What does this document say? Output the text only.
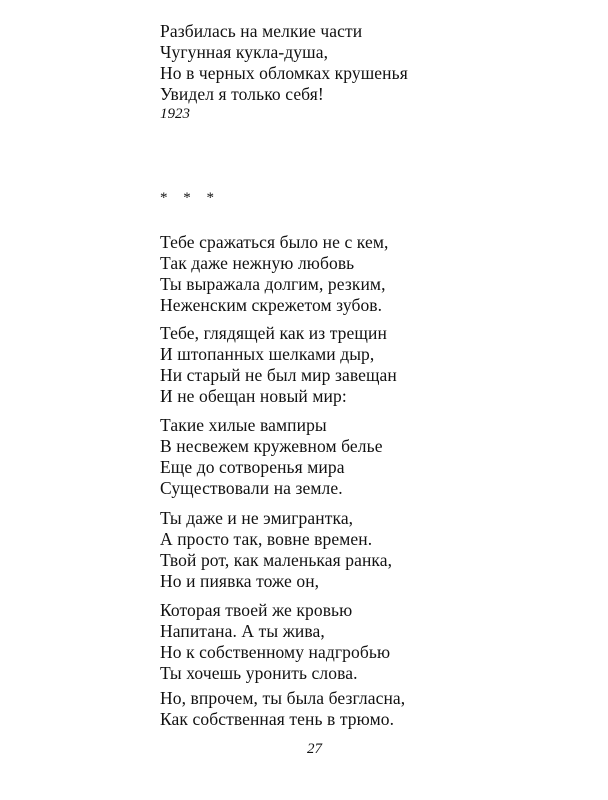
Разбилась на мелкие части
Чугунная кукла-душа,
Но в черных обломках крушенья
Увидел я только себя!
1923
* * *
Тебе сражаться было не с кем,
Так даже нежную любовь
Ты выражала долгим, резким,
Неженским скрежетом зубов.
Тебе, глядящей как из трещин
И штопанных шелками дыр,
Ни старый не был мир завещан
И не обещан новый мир:
Такие хилые вампиры
В несвежем кружевном белье
Еще до сотворенья мира
Существовали на земле.
Ты даже и не эмигрантка,
А просто так, вовне времен.
Твой рот, как маленькая ранка,
Но и пиявка тоже он,
Которая твоей же кровью
Напитана. А ты жива,
Но к собственному надгробью
Ты хочешь уронить слова.
Но, впрочем, ты была безгласна,
Как собственная тень в трюмо.
27
